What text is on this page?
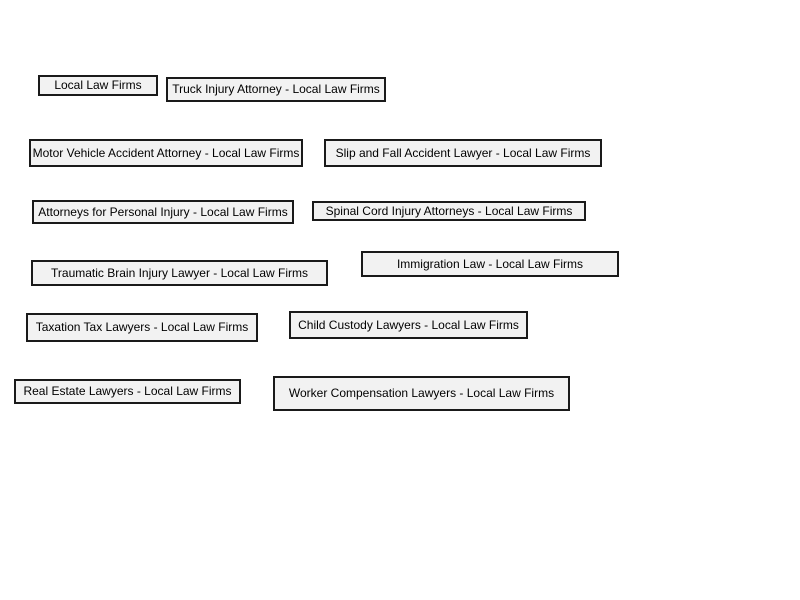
Local Law Firms	Truck Injury Attorney - Local Law Firms
Motor Vehicle Accident Attorney - Local Law Firms	Slip and Fall Accident Lawyer - Local Law Firms
Attorneys for Personal Injury - Local Law Firms	Spinal Cord Injury Attorneys - Local Law Firms
Traumatic Brain Injury Lawyer - Local Law Firms
Immigration Law - Local Law Firms
Taxation Tax Lawyers - Local Law Firms	Child Custody Lawyers - Local Law Firms
Real Estate Lawyers - Local Law Firms	Worker Compensation Lawyers - Local Law Firms
